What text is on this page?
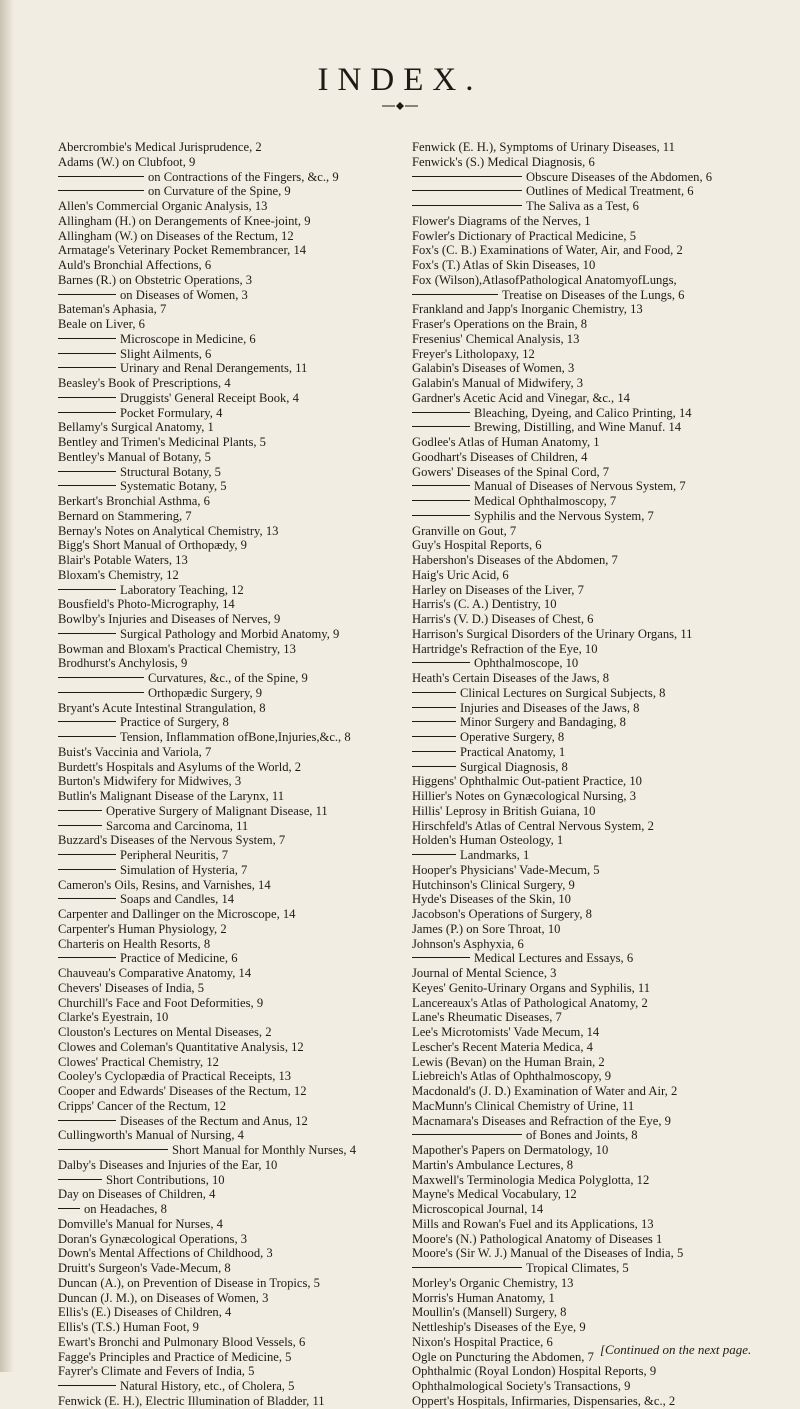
INDEX.
Abercrombie's Medical Jurisprudence, 2
Adams (W.) on Clubfoot, 9
on Contractions of the Fingers, &c., 9
on Curvature of the Spine, 9
Allen's Commercial Organic Analysis, 13
Allingham (H.) on Derangements of Knee-joint, 9
Allingham (W.) on Diseases of the Rectum, 12
Armatage's Veterinary Pocket Remembrancer, 14
Auld's Bronchial Affections, 6
Barnes (R.) on Obstetric Operations, 3
on Diseases of Women, 3
Bateman's Aphasia, 7
Beale on Liver, 6
Microscope in Medicine, 6
Slight Ailments, 6
Urinary and Renal Derangements, 11
Beasley's Book of Prescriptions, 4
Druggists' General Receipt Book, 4
Pocket Formulary, 4
Bellamy's Surgical Anatomy, 1
Bentley and Trimen's Medicinal Plants, 5
Bentley's Manual of Botany, 5
Structural Botany, 5
Systematic Botany, 5
Berkart's Bronchial Asthma, 6
Bernard on Stammering, 7
Bernay's Notes on Analytical Chemistry, 13
Bigg's Short Manual of Orthopædy, 9
Blair's Potable Waters, 13
Bloxam's Chemistry, 12
Laboratory Teaching, 12
Bousfield's Photo-Micrography, 14
Bowlby's Injuries and Diseases of Nerves, 9
Surgical Pathology and Morbid Anatomy, 9
Bowman and Bloxam's Practical Chemistry, 13
Brodhurst's Anchylosis, 9
Curvatures, &c., of the Spine, 9
Orthopædic Surgery, 9
Bryant's Acute Intestinal Strangulation, 8
Practice of Surgery, 8
Tension, Inflammation ofBone,Injuries,&c., 8
Buist's Vaccinia and Variola, 7
Burdett's Hospitals and Asylums of the World, 2
Burton's Midwifery for Midwives, 3
Butlin's Malignant Disease of the Larynx, 11
Operative Surgery of Malignant Disease, 11
Sarcoma and Carcinoma, 11
Buzzard's Diseases of the Nervous System, 7
Peripheral Neuritis, 7
Simulation of Hysteria, 7
Cameron's Oils, Resins, and Varnishes, 14
Soaps and Candles, 14
Carpenter and Dallinger on the Microscope, 14
Carpenter's Human Physiology, 2
Charteris on Health Resorts, 8
Practice of Medicine, 6
Chauveau's Comparative Anatomy, 14
Chevers' Diseases of India, 5
Churchill's Face and Foot Deformities, 9
Clarke's Eyestrain, 10
Clouston's Lectures on Mental Diseases, 2
Clowes and Coleman's Quantitative Analysis, 12
Clowes' Practical Chemistry, 12
Cooley's Cyclopædia of Practical Receipts, 13
Cooper and Edwards' Diseases of the Rectum, 12
Cripps' Cancer of the Rectum, 12
Diseases of the Rectum and Anus, 12
Cullingworth's Manual of Nursing, 4
Short Manual for Monthly Nurses, 4
Dalby's Diseases and Injuries of the Ear, 10
Short Contributions, 10
Day on Diseases of Children, 4
on Headaches, 8
Domville's Manual for Nurses, 4
Doran's Gynæcological Operations, 3
Down's Mental Affections of Childhood, 3
Druitt's Surgeon's Vade-Mecum, 8
Duncan (A.), on Prevention of Disease in Tropics, 5
Duncan (J. M.), on Diseases of Women, 3
Ellis's (E.) Diseases of Children, 4
Ellis's (T.S.) Human Foot, 9
Ewart's Bronchi and Pulmonary Blood Vessels, 6
Fagge's Principles and Practice of Medicine, 5
Fayrer's Climate and Fevers of India, 5
Natural History, etc., of Cholera, 5
Fenwick (E. H.), Electric Illumination of Bladder, 11
Fenwick (E. H.), Symptoms of Urinary Diseases, 11
Fenwick's (S.) Medical Diagnosis, 6
Obscure Diseases of the Abdomen, 6
Outlines of Medical Treatment, 6
The Saliva as a Test, 6
Flower's Diagrams of the Nerves, 1
Fowler's Dictionary of Practical Medicine, 5
Fox's (C. B.) Examinations of Water, Air, and Food, 2
Fox's (T.) Atlas of Skin Diseases, 10
Fox (Wilson),AtlasofPathological AnatomyofLungs,
Treatise on Diseases of the Lungs, 6
Frankland and Japp's Inorganic Chemistry, 13
Fraser's Operations on the Brain, 8
Fresenius' Chemical Analysis, 13
Freyer's Litholopaxy, 12
Galabin's Diseases of Women, 3
Galabin's Manual of Midwifery, 3
Gardner's Acetic Acid and Vinegar, &c., 14
Bleaching, Dyeing, and Calico Printing, 14
Brewing, Distilling, and Wine Manuf. 14
Godlee's Atlas of Human Anatomy, 1
Goodhart's Diseases of Children, 4
Gowers' Diseases of the Spinal Cord, 7
Manual of Diseases of Nervous System, 7
Medical Ophthalmoscopy, 7
Syphilis and the Nervous System, 7
Granville on Gout, 7
Guy's Hospital Reports, 6
Habershon's Diseases of the Abdomen, 7
Haig's Uric Acid, 6
Harley on Diseases of the Liver, 7
Harris's (C. A.) Dentistry, 10
Harris's (V. D.) Diseases of Chest, 6
Harrison's Surgical Disorders of the Urinary Organs, 11
Hartridge's Refraction of the Eye, 10
Ophthalmoscope, 10
Heath's Certain Diseases of the Jaws, 8
Clinical Lectures on Surgical Subjects, 8
Injuries and Diseases of the Jaws, 8
Minor Surgery and Bandaging, 8
Operative Surgery, 8
Practical Anatomy, 1
Surgical Diagnosis, 8
Higgens' Ophthalmic Out-patient Practice, 10
Hillier's Notes on Gynæcological Nursing, 3
Hillis' Leprosy in British Guiana, 10
Hirschfeld's Atlas of Central Nervous System, 2
Holden's Human Osteology, 1
Landmarks, 1
Hooper's Physicians' Vade-Mecum, 5
Hutchinson's Clinical Surgery, 9
Hyde's Diseases of the Skin, 10
Jacobson's Operations of Surgery, 8
James (P.) on Sore Throat, 10
Johnson's Asphyxia, 6
Medical Lectures and Essays, 6
Journal of Mental Science, 3
Keyes' Genito-Urinary Organs and Syphilis, 11
Lancereaux's Atlas of Pathological Anatomy, 2
Lane's Rheumatic Diseases, 7
Lee's Microtomists' Vade Mecum, 14
Lescher's Recent Materia Medica, 4
Lewis (Bevan) on the Human Brain, 2
Liebreich's Atlas of Ophthalmoscopy, 9
Macdonald's (J. D.) Examination of Water and Air, 2
MacMunn's Clinical Chemistry of Urine, 11
Macnamara's Diseases and Refraction of the Eye, 9
of Bones and Joints, 8
Mapother's Papers on Dermatology, 10
Martin's Ambulance Lectures, 8
Maxwell's Terminologia Medica Polyglotta, 12
Mayne's Medical Vocabulary, 12
Microscopical Journal, 14
Mills and Rowan's Fuel and its Applications, 13
Moore's (N.) Pathological Anatomy of Diseases 1
Moore's (Sir W. J.) Manual of the Diseases of India, 5
Tropical Climates, 5
Morley's Organic Chemistry, 13
Morris's Human Anatomy, 1
Moullin's (Mansell) Surgery, 8
Nettleship's Diseases of the Eye, 9
Nixon's Hospital Practice, 6
Ogle on Puncturing the Abdomen, 7
Ophthalmic (Royal London) Hospital Reports, 9
Ophthalmological Society's Transactions, 9
Oppert's Hospitals, Infirmaries, Dispensaries, &c., 2
[Continued on the next page.
